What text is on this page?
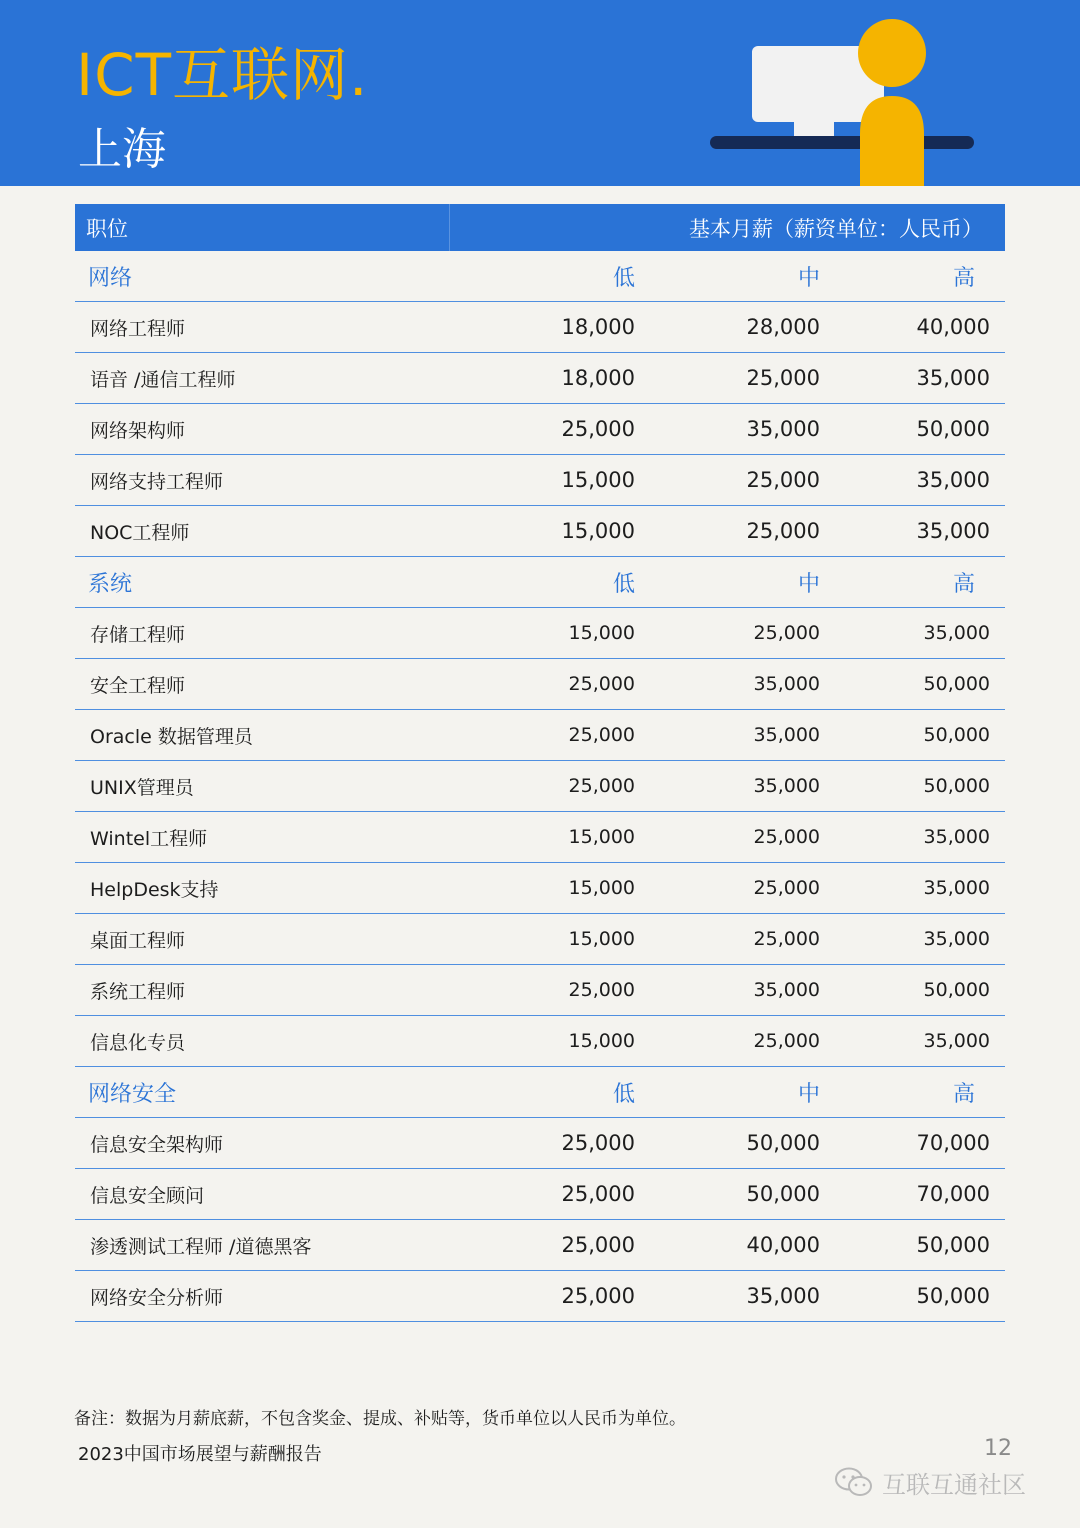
ICT互联网.
上海
职位	基本月薪（薪资单位：人民币）
网络	低	中	高
网络工程师	18,000	28,000	40,000
语音 /通信工程师	18,000	25,000	35,000
网络架构师	25,000	35,000	50,000
网络支持工程师	15,000	25,000	35,000
NOC工程师	15,000	25,000	35,000
系统	低	中	高
存储工程师	15,000	25,000	35,000
安全工程师	25,000	35,000	50,000
Oracle 数据管理员	25,000	35,000	50,000
UNIX管理员	25,000	35,000	50,000
Wintel工程师	15,000	25,000	35,000
HelpDesk支持	15,000	25,000	35,000
桌面工程师	15,000	25,000	35,000
系统工程师	25,000	35,000	50,000
信息化专员	15,000	25,000	35,000
网络安全	低	中	高
信息安全架构师	25,000	50,000	70,000
信息安全顾问	25,000	50,000	70,000
渗透测试工程师 /道德黑客	25,000	40,000	50,000
网络安全分析师	25,000	35,000	50,000
备注：数据为月薪底薪，不包含奖金、提成、补贴等，货币单位以人民币为单位。
2023中国市场展望与薪酬报告	12
互联互通社区
